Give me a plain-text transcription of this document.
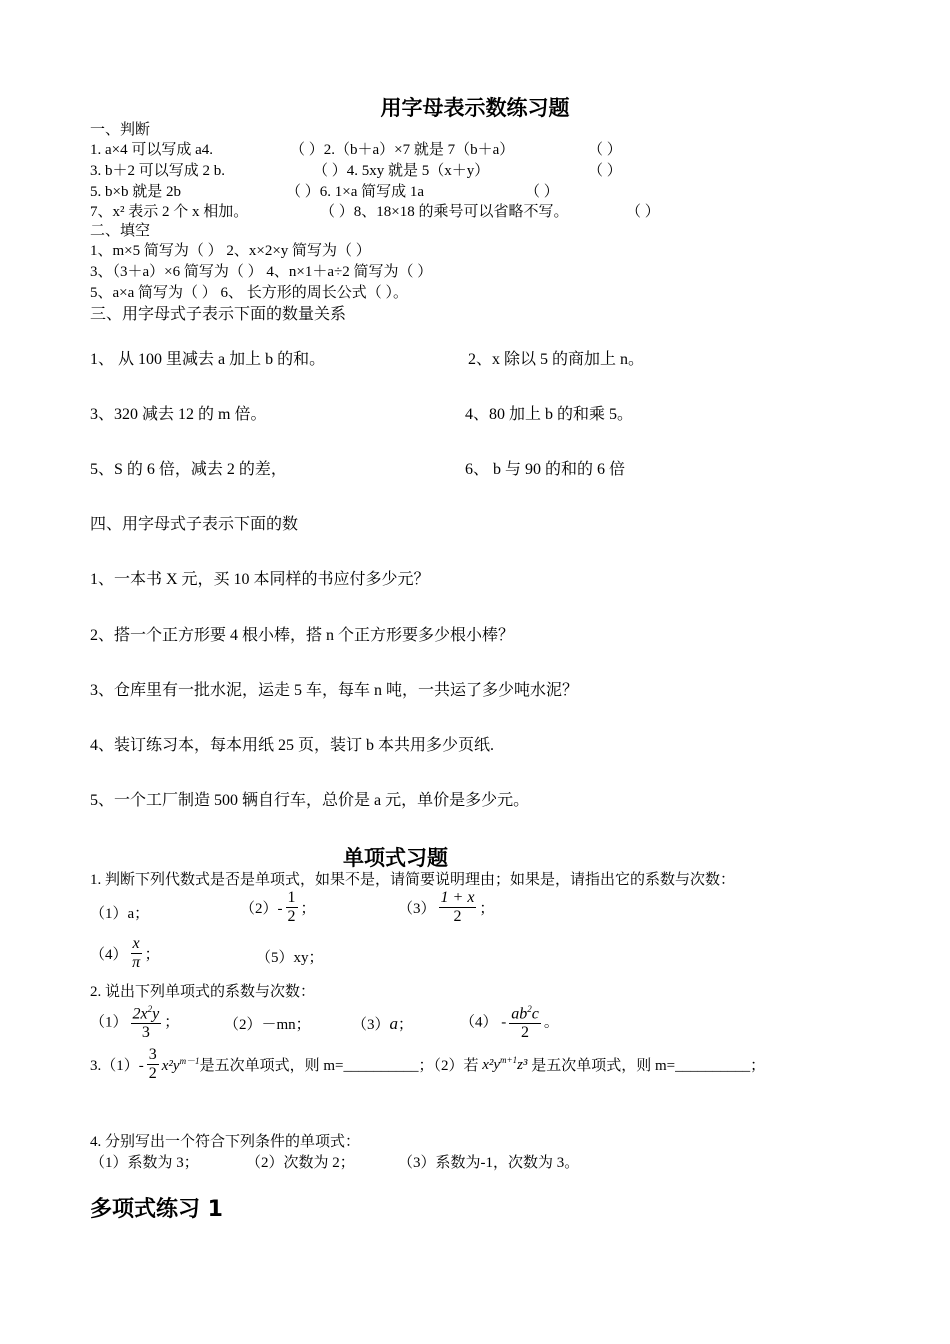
用字母表示数练习题
一、判断
1. a×4 可以写成 a4.	（ ）2.（b＋a）×7 就是 7（b＋a）	（ ）
3. b＋2 可以写成 2 b.	（ ）4. 5xy 就是 5（x＋y）	（ ）
5. b×b 就是 2b	（ ）6. 1×a 简写成 1a	（ ）
7、x² 表示 2 个 x 相加。	（ ）8、18×18 的乘号可以省略不写。	（ ）
二、填空
1、m×5 简写为（ ） 2、x×2×y 简写为（ ）
3、（3＋a）×6 简写为（ ） 4、n×1＋a÷2 简写为（ ）
5、a×a 简写为（ ） 6、 长方形的周长公式（ ）。
三、用字母式子表示下面的数量关系
1、 从 100 里减去 a 加上 b 的和。	2、x 除以 5 的商加上 n。
3、320 减去 12 的 m 倍。	4、80 加上 b 的和乘 5。
5、S 的 6 倍，减去 2 的差，	6、 b 与 90 的和的 6 倍
四、用字母式子表示下面的数
1、一本书 X 元，买 10 本同样的书应付多少元？
2、搭一个正方形要 4 根小棒，搭 n 个正方形要多少根小棒？
3、仓库里有一批水泥，运走 5 车，每车 n 吨，一共运了多少吨水泥？
4、装订练习本，每本用纸 25 页，装订 b 本共用多少页纸.
5、一个工厂制造 500 辆自行车，总价是 a 元，单价是多少元。
单项式习题
1. 判断下列代数式是否是单项式，如果不是，请简要说明理由；如果是，请指出它的系数与次数：
（1）a；	$(2)- \frac{1}{2}$ ；	$(3) \frac{1 + x}{2}$ ；
$(4) \frac{x}{\pi}$ ；	（5）xy；
2. 说出下列单项式的系数与次数：
$(1) \frac{2x^2y}{3}$ ；	（2）－mn；	（3）a；	$(4) - \frac{ab^2c}{2}$ 。
$3.(1)- \frac{3}{2} x^2y^{m-1}$是五次单项式，则 m=__________；（2）若 $x^2y^{m+1}z^3$ 是五次单项式，则 m=__________；
4. 分别写出一个符合下列条件的单项式：
（1）系数为 3；	（2）次数为 2；	（3）系数为-1，次数为 3。
多项式练习 1
